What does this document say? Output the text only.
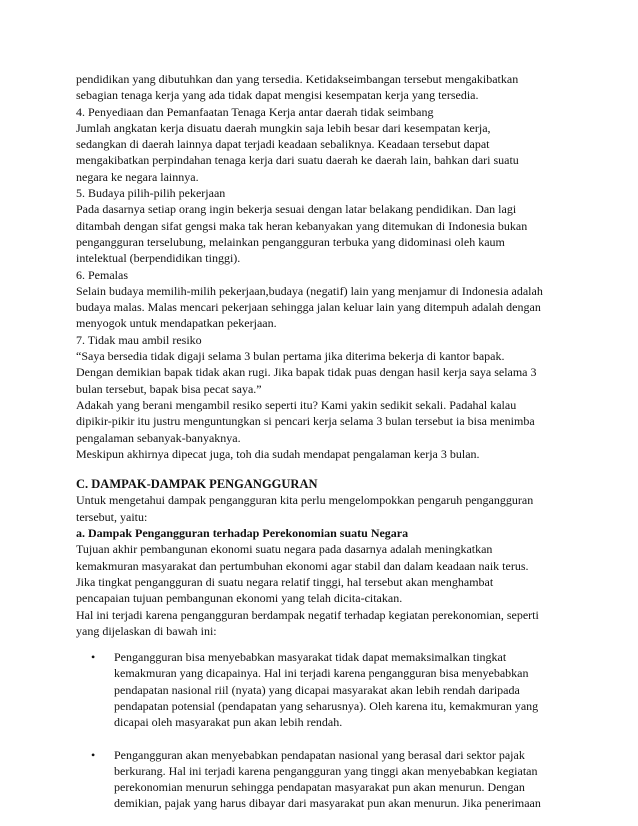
pendidikan yang dibutuhkan dan yang tersedia. Ketidakseimbangan tersebut mengakibatkan
sebagian tenaga kerja yang ada tidak dapat mengisi kesempatan kerja yang tersedia.
4. Penyediaan dan Pemanfaatan Tenaga Kerja antar daerah tidak seimbang
Jumlah angkatan kerja disuatu daerah mungkin saja lebih besar dari kesempatan kerja,
sedangkan di daerah lainnya dapat terjadi keadaan sebaliknya. Keadaan tersebut dapat
mengakibatkan perpindahan tenaga kerja dari suatu daerah ke daerah lain, bahkan dari suatu
negara ke negara lainnya.
5. Budaya pilih-pilih pekerjaan
Pada dasarnya setiap orang ingin bekerja sesuai dengan latar belakang pendidikan. Dan lagi
ditambah dengan sifat gengsi maka tak heran kebanyakan yang ditemukan di Indonesia bukan
pengangguran terselubung, melainkan pengangguran terbuka yang didominasi oleh kaum
intelektual (berpendidikan tinggi).
6. Pemalas
Selain budaya memilih-milih pekerjaan,budaya (negatif) lain yang menjamur di Indonesia adalah
budaya malas. Malas mencari pekerjaan sehingga jalan keluar lain yang ditempuh adalah dengan
menyogok untuk mendapatkan pekerjaan.
7. Tidak mau ambil resiko
“Saya bersedia tidak digaji selama 3 bulan pertama jika diterima bekerja di kantor bapak.
Dengan demikian bapak tidak akan rugi. Jika bapak tidak puas dengan hasil kerja saya selama 3
bulan tersebut, bapak bisa pecat saya.”
Adakah yang berani mengambil resiko seperti itu? Kami yakin sedikit sekali. Padahal kalau
dipikir-pikir itu justru menguntungkan si pencari kerja selama 3 bulan tersebut ia bisa menimba
pengalaman sebanyak-banyaknya.
Meskipun akhirnya dipecat juga, toh dia sudah mendapat pengalaman kerja 3 bulan.
C. DAMPAK-DAMPAK PENGANGGURAN
Untuk mengetahui dampak pengangguran kita perlu mengelompokkan pengaruh pengangguran
tersebut, yaitu:
a. Dampak Pengangguran terhadap Perekonomian suatu Negara
Tujuan akhir pembangunan ekonomi suatu negara pada dasarnya adalah meningkatkan
kemakmuran masyarakat dan pertumbuhan ekonomi agar stabil dan dalam keadaan naik terus.
Jika tingkat pengangguran di suatu negara relatif tinggi, hal tersebut akan menghambat
pencapaian tujuan pembangunan ekonomi yang telah dicita-citakan.
Hal ini terjadi karena pengangguran berdampak negatif terhadap kegiatan perekonomian, seperti
yang dijelaskan di bawah ini:
• Pengangguran bisa menyebabkan masyarakat tidak dapat memaksimalkan tingkat
kemakmuran yang dicapainya. Hal ini terjadi karena pengangguran bisa menyebabkan
pendapatan nasional riil (nyata) yang dicapai masyarakat akan lebih rendah daripada
pendapatan potensial (pendapatan yang seharusnya). Oleh karena itu, kemakmuran yang
dicapai oleh masyarakat pun akan lebih rendah.
• Pengangguran akan menyebabkan pendapatan nasional yang berasal dari sektor pajak
berkurang. Hal ini terjadi karena pengangguran yang tinggi akan menyebabkan kegiatan
perekonomian menurun sehingga pendapatan masyarakat pun akan menurun. Dengan
demikian, pajak yang harus dibayar dari masyarakat pun akan menurun. Jika penerimaan
